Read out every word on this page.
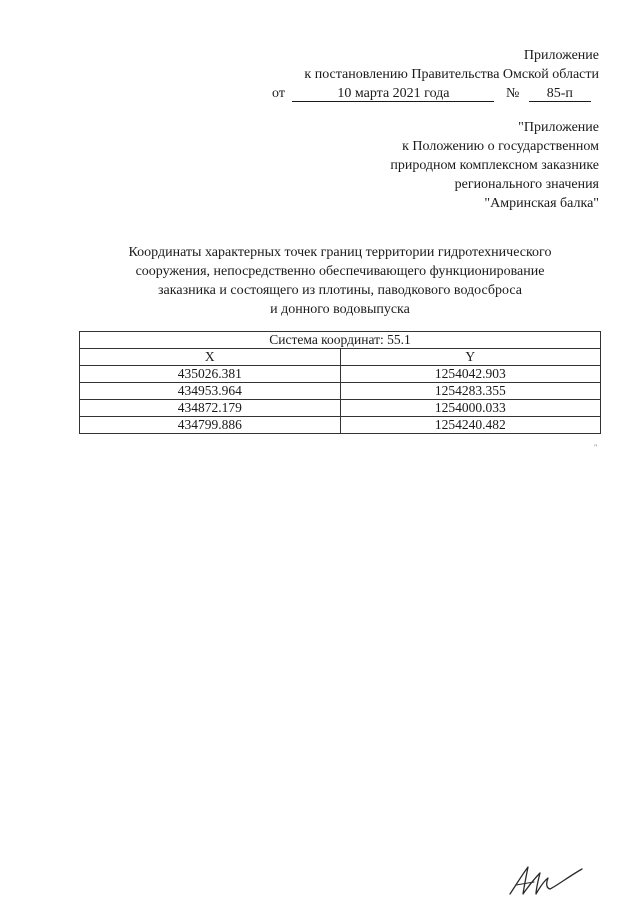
Приложение
к постановлению Правительства Омской области
от	10 марта 2021 года	№ 85-п
"Приложение
к Положению о государственном
природном комплексном заказнике
регионального значения
"Амринская балка"
Координаты характерных точек границ территории гидротехнического
сооружения, непосредственно обеспечивающего функционирование
заказника и состоящего из плотины, паводкового водосброса
и донного водовыпуска
Система координат: 55.1	
X	Y
435026.381	1254042.903
434953.964	1254283.355
434872.179	1254000.033
434799.886	1254240.482
"
